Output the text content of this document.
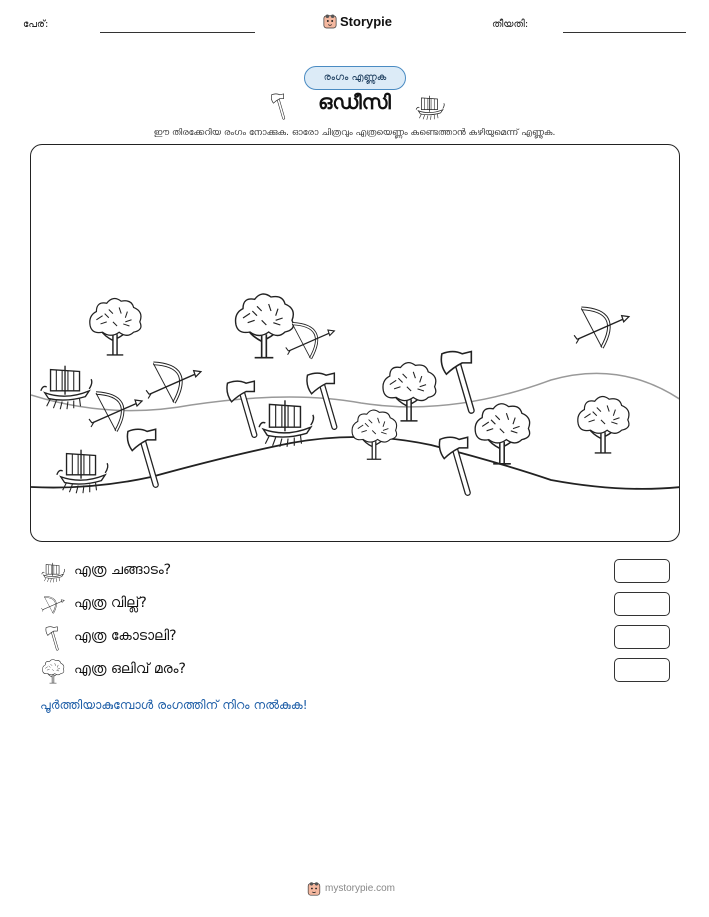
പേര്:	Storypie	തീയതി:
രംഗം എണ്ണുക
ഒഡീസി
ഈ തിരക്കേറിയ രംഗം നോക്കുക. ഓരോ ചിത്രവും എത്രയെണ്ണം കണ്ടെത്താൻ കഴിയുമെന്ന് എണ്ണുക.
എത്ര ചങ്ങാടം?
എത്ര വില്ല്?
എത്ര കോടാലി?
എത്ര ഒലിവ് മരം?
പൂർത്തിയാകുമ്പോൾ രംഗത്തിന് നിറം നൽകുക!
mystorypie.com
